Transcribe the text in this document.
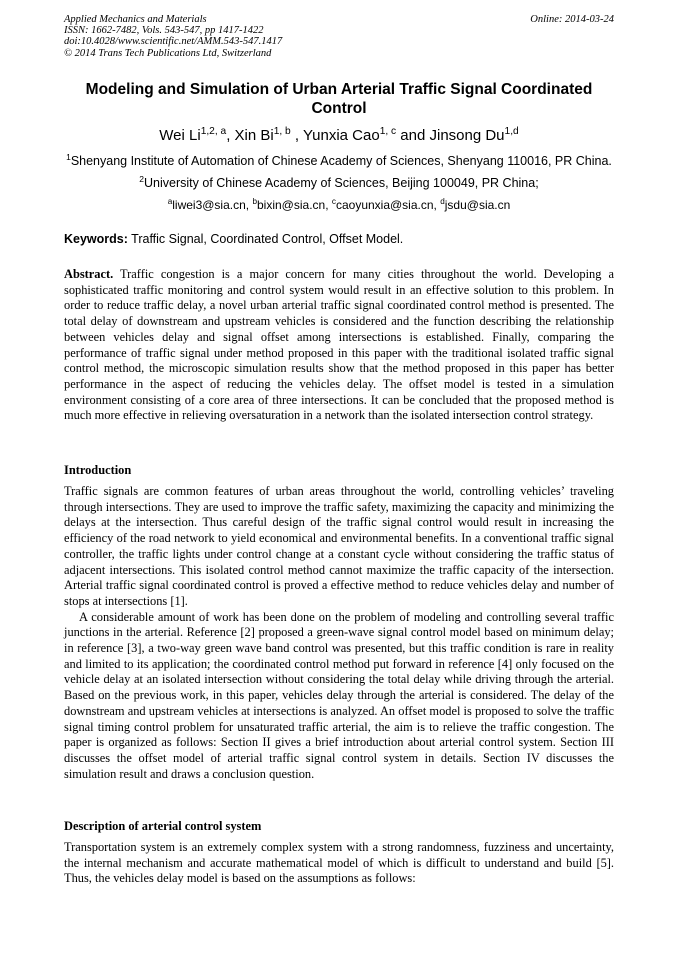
Applied Mechanics and Materials
ISSN: 1662-7482, Vols. 543-547, pp 1417-1422
doi:10.4028/www.scientific.net/AMM.543-547.1417
© 2014 Trans Tech Publications Ltd, Switzerland
Online: 2014-03-24
Modeling and Simulation of Urban Arterial Traffic Signal Coordinated Control
Wei Li$^{1,2, a}$, Xin Bi$^{1, b}$ , Yunxia Cao$^{1, c}$ and Jinsong Du$^{1,d}$
$^1$Shenyang Institute of Automation of Chinese Academy of Sciences, Shenyang 110016, PR China.
$^2$University of Chinese Academy of Sciences, Beijing 100049, PR China;
$^a$liwei3@sia.cn, $^b$bixin@sia.cn, $^c$caoyunxia@sia.cn, $^d$jsdu@sia.cn
Keywords: Traffic Signal, Coordinated Control, Offset Model.
Abstract. Traffic congestion is a major concern for many cities throughout the world. Developing a sophisticated traffic monitoring and control system would result in an effective solution to this problem. In order to reduce traffic delay, a novel urban arterial traffic signal coordinated control method is presented. The total delay of downstream and upstream vehicles is considered and the function describing the relationship between vehicles delay and signal offset among intersections is established. Finally, comparing the performance of traffic signal under method proposed in this paper with the traditional isolated traffic signal control method, the microscopic simulation results show that the method proposed in this paper has better performance in the aspect of reducing the vehicles delay. The offset model is tested in a simulation environment consisting of a core area of three intersections. It can be concluded that the proposed method is much more effective in relieving oversaturation in a network than the isolated intersection control strategy.
Introduction
Traffic signals are common features of urban areas throughout the world, controlling vehicles’ traveling through intersections. They are used to improve the traffic safety, maximizing the capacity and minimizing the delays at the intersection. Thus careful design of the traffic signal control would result in increasing the efficiency of the road network to yield economical and environmental benefits. In a conventional traffic signal controller, the traffic lights under control change at a constant cycle without considering the traffic status of adjacent intersections. This isolated control method cannot maximize the traffic capacity of the intersection. Arterial traffic signal coordinated control is proved a effective method to reduce vehicles delay and number of stops at intersections [1].
A considerable amount of work has been done on the problem of modeling and controlling several traffic junctions in the arterial. Reference [2] proposed a green-wave signal control model based on minimum delay; in reference [3], a two-way green wave band control was presented, but this traffic condition is rare in reality and limited to its application; the coordinated control method put forward in reference [4] only focused on the vehicle delay at an isolated intersection without considering the total delay while driving through the arterial. Based on the previous work, in this paper, vehicles delay through the arterial is considered. The delay of the downstream and upstream vehicles at intersections is analyzed. An offset model is proposed to solve the traffic signal timing control problem for unsaturated traffic arterial, the aim is to relieve the traffic congestion. The paper is organized as follows: Section II gives a brief introduction about arterial control system. Section III discusses the offset model of arterial traffic signal control system in details. Section IV discusses the simulation result and draws a conclusion question.
Description of arterial control system
Transportation system is an extremely complex system with a strong randomness, fuzziness and uncertainty, the internal mechanism and accurate mathematical model of which is difficult to understand and build [5]. Thus, the vehicles delay model is based on the assumptions as follows:
